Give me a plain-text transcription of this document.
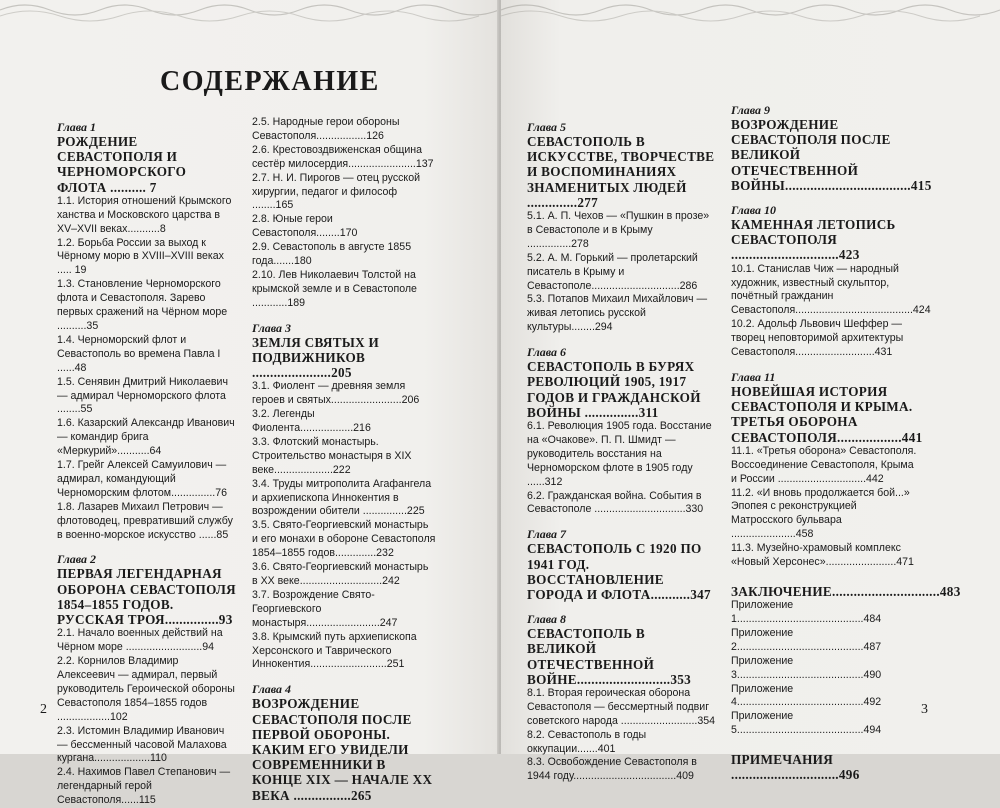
СОДЕРЖАНИЕ
Глава 1
РОЖДЕНИЕ СЕВАСТОПОЛЯ И ЧЕРНОМОРСКОГО ФЛОТА .......... 7
1.1. История отношений Крымского ханства и Московского царства в XV–XVII веках...........8
1.2. Борьба России за выход к Чёрному морю в XVIII–XVIII веках ..... 19
1.3. Становление Черноморского флота и Севастополя. Зарево первых сражений на Чёрном море ..........35
1.4. Черноморский флот и Севастополь во времена Павла I ......48
1.5. Сенявин Дмитрий Николаевич — адмирал Черноморского флота ........55
1.6. Казарский Александр Иванович — командир брига «Меркурий»...........64
1.7. Грейг Алексей Самуилович — адмирал, командующий Черноморским флотом...............76
1.8. Лазарев Михаил Петрович — флотоводец, превративший службу в военно-морское искусство ......85
Глава 2
ПЕРВАЯ ЛЕГЕНДАРНАЯ ОБОРОНА СЕВАСТОПОЛЯ 1854–1855 ГОДОВ. РУССКАЯ ТРОЯ...............93
2.1. Начало военных действий на Чёрном море ..........................94
2.2. Корнилов Владимир Алексеевич — адмирал, первый руководитель Героической обороны Севастополя 1854–1855 годов ..................102
2.3. Истомин Владимир Иванович — бессменный часовой Малахова кургана...................110
2.4. Нахимов Павел Степанович — легендарный герой Севастополя......115
2.5. Народные герои обороны Севастополя.................126
2.6. Крестовоздвиженская община сестёр милосердия.......................137
2.7. Н. И. Пирогов — отец русской хирургии, педагог и философ ........165
2.8. Юные герои Севастополя........170
2.9. Севастополь в августе 1855 года.......180
2.10. Лев Николаевич Толстой на крымской земле и в Севастополе ............189
Глава 3
ЗЕМЛЯ СВЯТЫХ И ПОДВИЖНИКОВ ......................205
3.1. Фиолент — древняя земля героев и святых........................206
3.2. Легенды Фиолента..................216
3.3. Флотский монастырь. Строительство монастыря в XIX веке....................222
3.4. Труды митрополита Агафангела и архиепископа Иннокентия в возрождении обители ...............225
3.5. Свято-Георгиевский монастырь и его монахи в обороне Севастополя 1854–1855 годов..............232
3.6. Свято-Георгиевский монастырь в XX веке............................242
3.7. Возрождение Свято-Георгиевского монастыря.........................247
3.8. Крымский путь архиепископа Херсонского и Таврического Иннокентия..........................251
Глава 4
ВОЗРОЖДЕНИЕ СЕВАСТОПОЛЯ ПОСЛЕ ПЕРВОЙ ОБОРОНЫ. КАКИМ ЕГО УВИДЕЛИ СОВРЕМЕННИКИ В КОНЦЕ XIX — НАЧАЛЕ XX ВЕКА ................265
2
Глава 5
СЕВАСТОПОЛЬ В ИСКУССТВЕ, ТВОРЧЕСТВЕ И ВОСПОМИНАНИЯХ ЗНАМЕНИТЫХ ЛЮДЕЙ ..............277
5.1. А. П. Чехов — «Пушкин в прозе» в Севастополе и в Крыму ...............278
5.2. А. М. Горький — пролетарский писатель в Крыму и Севастополе..............................286
5.3. Потапов Михаил Михайлович — живая летопись русской культуры........294
Глава 6
СЕВАСТОПОЛЬ В БУРЯХ РЕВОЛЮЦИЙ 1905, 1917 ГОДОВ И ГРАЖДАНСКОЙ ВОЙНЫ ...............311
6.1. Революция 1905 года. Восстание на «Очакове». П. П. Шмидт — руководитель восстания на Черноморском флоте в 1905 году ......312
6.2. Гражданская война. События в Севастополе ...............................330
Глава 7
СЕВАСТОПОЛЬ С 1920 ПО 1941 ГОД. ВОССТАНОВЛЕНИЕ ГОРОДА И ФЛОТА...........347
Глава 8
СЕВАСТОПОЛЬ В ВЕЛИКОЙ ОТЕЧЕСТВЕННОЙ ВОЙНЕ..........................353
8.1. Вторая героическая оборона Севастополя — бессмертный подвиг советского народа ..........................354
8.2. Севастополь в годы оккупации.......401
8.3. Освобождение Севастополя в 1944 году...................................409
Глава 9
ВОЗРОЖДЕНИЕ СЕВАСТОПОЛЯ ПОСЛЕ ВЕЛИКОЙ ОТЕЧЕСТВЕННОЙ ВОЙНЫ...................................415
Глава 10
КАМЕННАЯ ЛЕТОПИСЬ СЕВАСТОПОЛЯ ..............................423
10.1. Станислав Чиж — народный художник, известный скульптор, почётный гражданин Севастополя........................................424
10.2. Адольф Львович Шеффер — творец неповторимой архитектуры Севастополя...........................431
Глава 11
НОВЕЙШАЯ ИСТОРИЯ СЕВАСТОПОЛЯ И КРЫМА. ТРЕТЬЯ ОБОРОНА СЕВАСТОПОЛЯ..................441
11.1. «Третья оборона» Севастополя. Воссоединение Севастополя, Крыма и России ..............................442
11.2. «И вновь продолжается бой...» Эпопея с реконструкцией Матросского бульвара ......................458
11.3. Музейно-храмовый комплекс «Новый Херсонес»........................471
ЗАКЛЮЧЕНИЕ..............................483
Приложение 1...........................................484
Приложение 2...........................................487
Приложение 3...........................................490
Приложение 4...........................................492
Приложение 5...........................................494
ПРИМЕЧАНИЯ ..............................496
3
